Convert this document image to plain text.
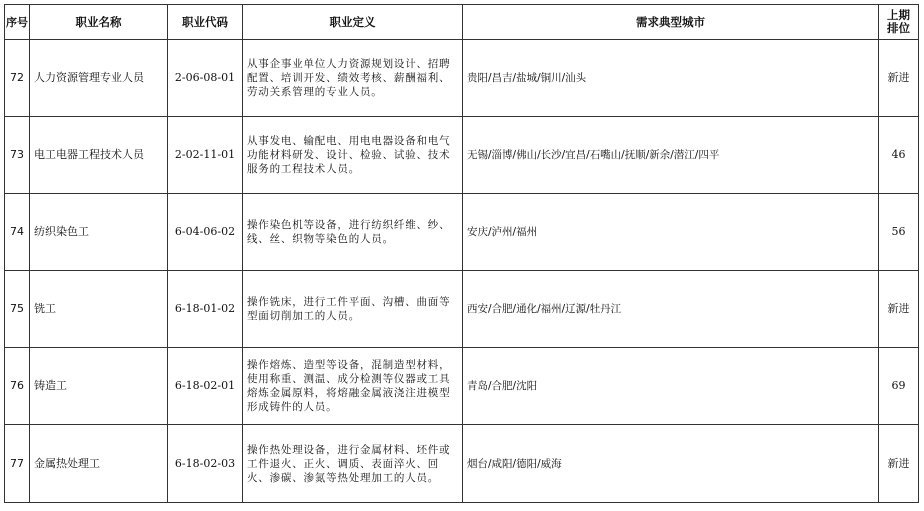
序号	职业名称	职业代码	职业定义	需求典型城市	上期排位
72	人力资源管理专业人员	2-06-08-01	从事企事业单位人力资源规划设计、招聘配置、培训开发、绩效考核、薪酬福利、劳动关系管理的专业人员。	贵阳/昌吉/盐城/铜川/汕头	新进
73	电工电器工程技术人员	2-02-11-01	从事发电、输配电、用电电器设备和电气功能材料研发、设计、检验、试验、技术服务的工程技术人员。	无锡/淄博/佛山/长沙/宜昌/石嘴山/抚顺/新余/潜江/四平	46
74	纺织染色工	6-04-06-02	操作染色机等设备，进行纺织纤维、纱、线、丝、织物等染色的人员。	安庆/泸州/福州	56
75	铣工	6-18-01-02	操作铣床，进行工件平面、沟槽、曲面等型面切削加工的人员。	西安/合肥/通化/福州/辽源/牡丹江	新进
76	铸造工	6-18-02-01	操作熔炼、造型等设备，混制造型材料，使用称重、测温、成分检测等仪器或工具熔炼金属原料，将熔融金属液浇注进模型形成铸件的人员。	青岛/合肥/沈阳	69
77	金属热处理工	6-18-02-03	操作热处理设备，进行金属材料、坯件或工件退火、正火、调质、表面淬火、回火、渗碳、渗氮等热处理加工的人员。	烟台/咸阳/德阳/威海	新进
